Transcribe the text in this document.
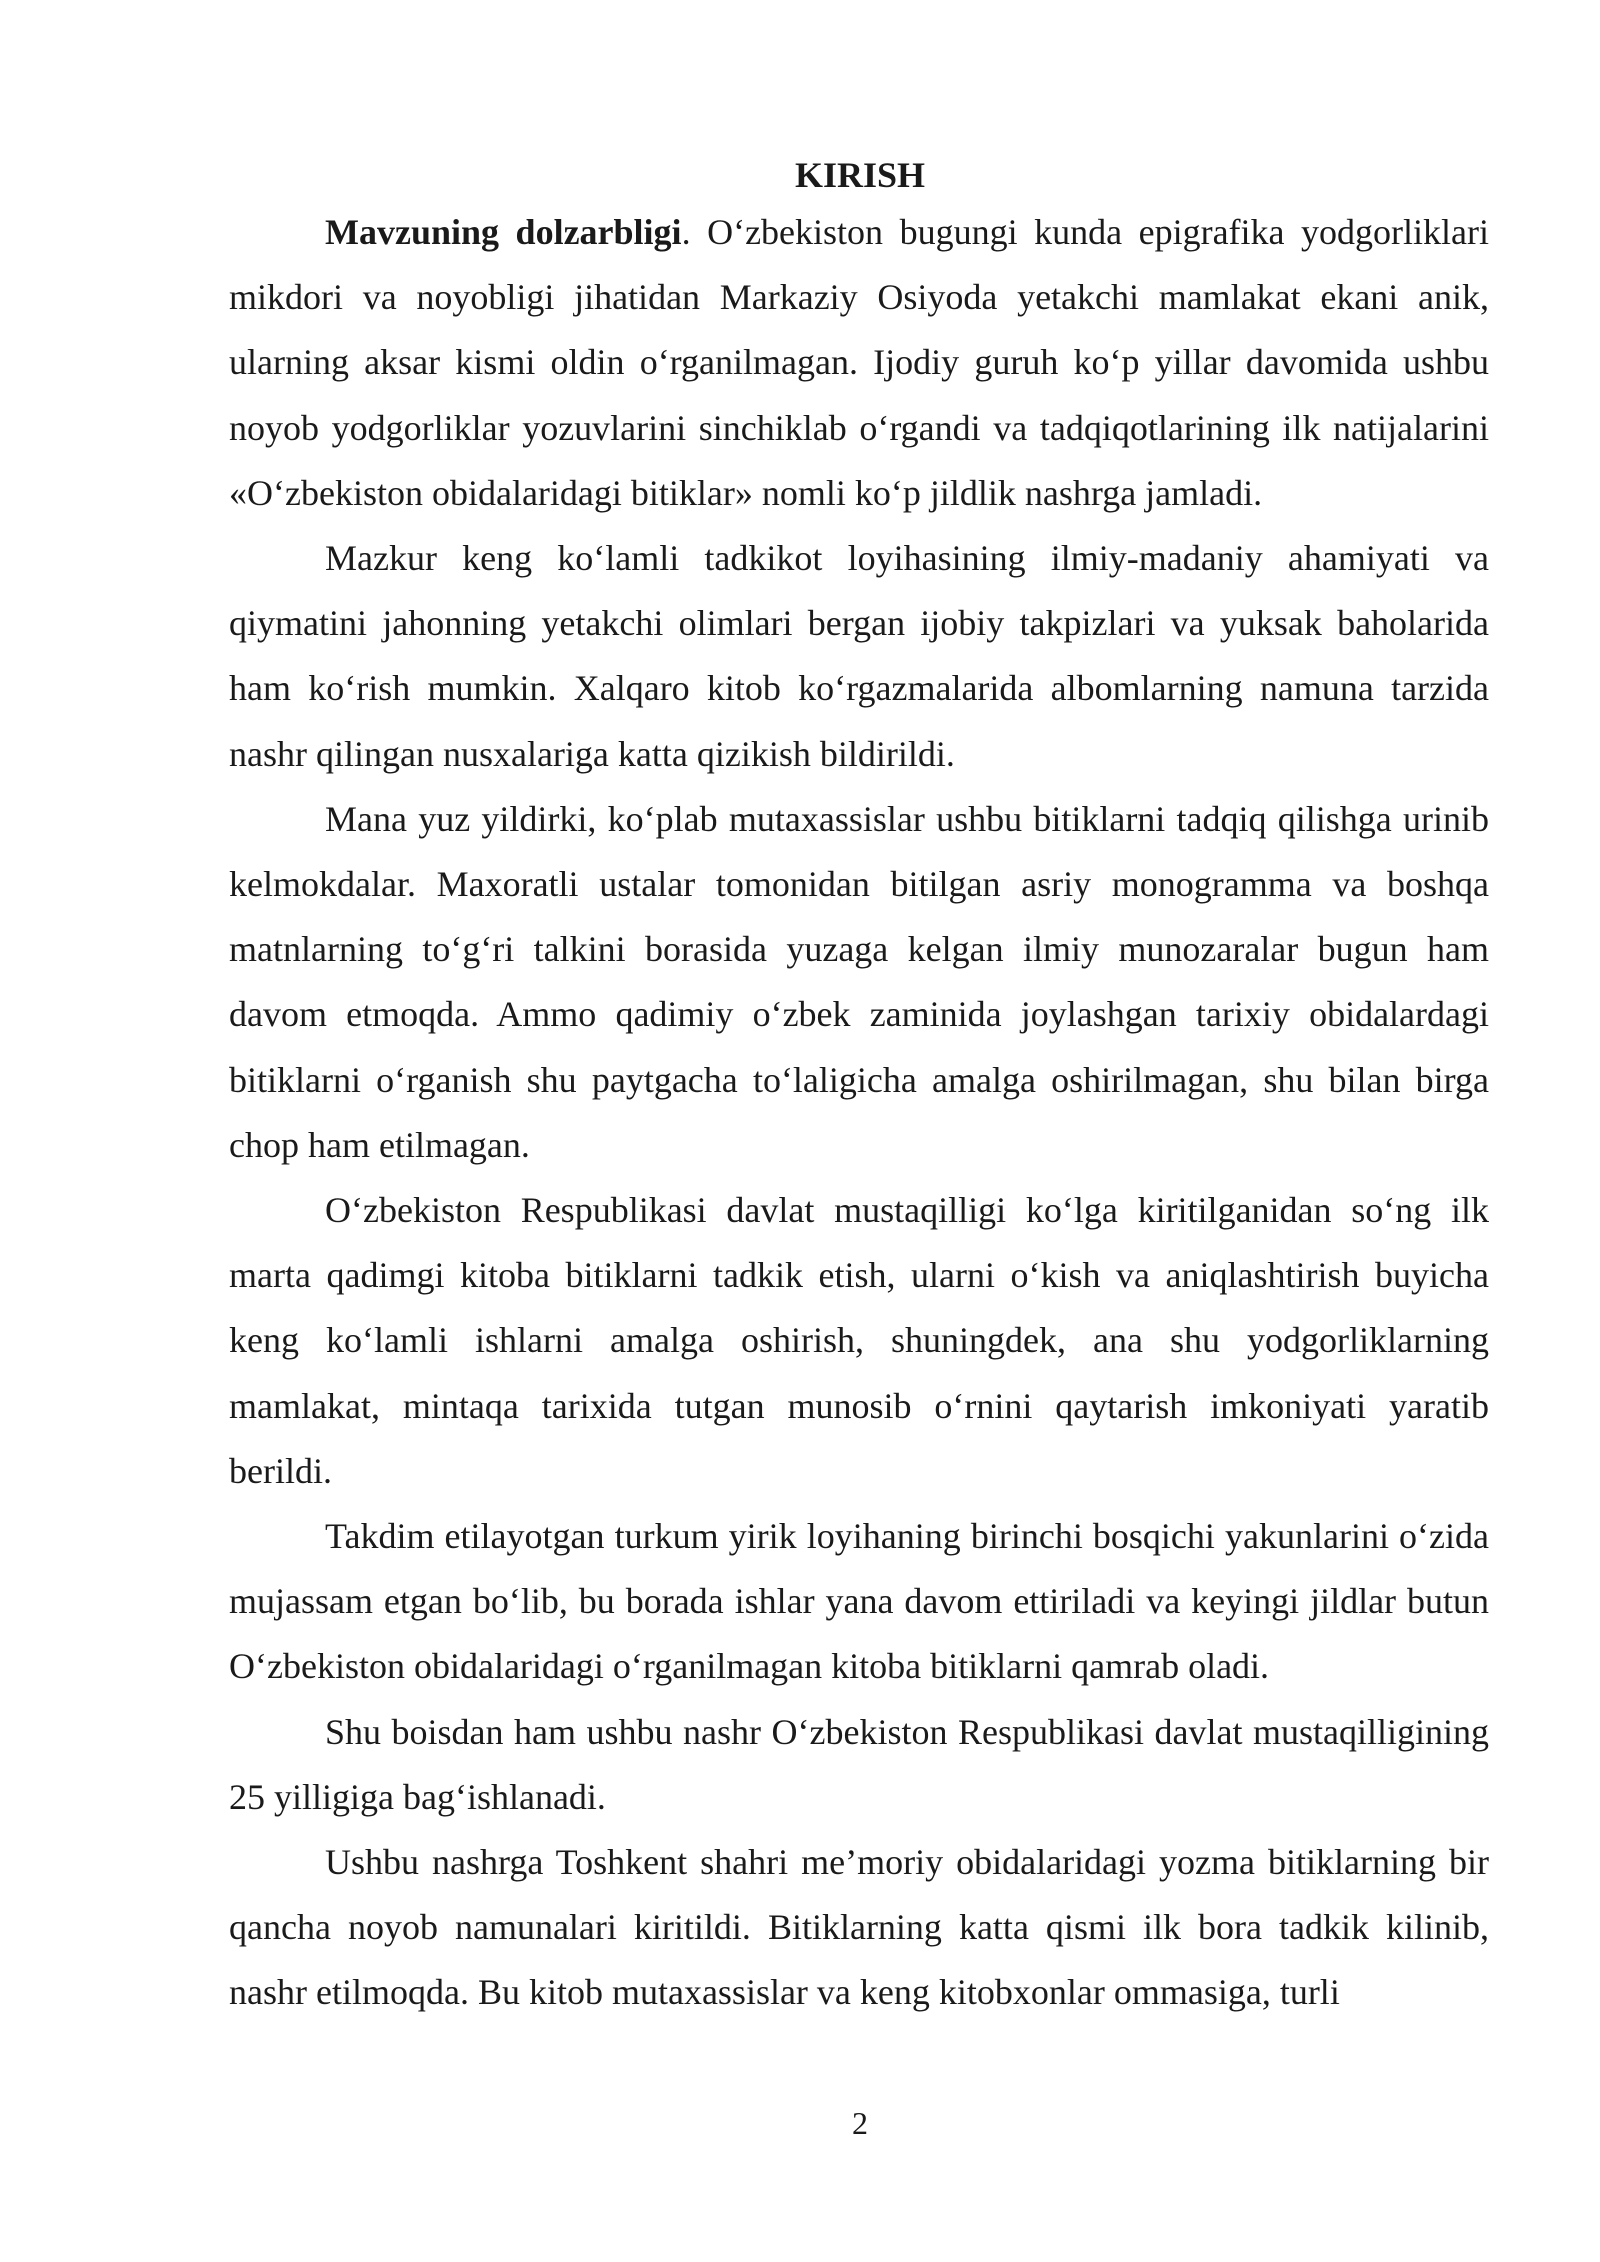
KIRISH

Mavzuning dolzarbligi. O‘zbekiston bugungi kunda epigrafika yodgorliklari mikdori va noyobligi jihatidan Markaziy Osiyoda yetakchi mamlakat ekani anik, ularning aksar kismi oldin o‘rganilmagan. Ijodiy guruh ko‘p yillar davomida ushbu noyob yodgorliklar yozuvlarini sinchiklab o‘rgandi va tadqiqotlarining ilk natijalarini «O‘zbekiston obidalaridagi bitiklar» nomli ko‘p jildlik nashrga jamladi.

Mazkur keng ko‘lamli tadkikot loyihasining ilmiy-madaniy ahamiyati va qiymatini jahonning yetakchi olimlari bergan ijobiy takpizlari va yuksak baholarida ham ko‘rish mumkin. Xalqaro kitob ko‘rgazmalarida albomlarning namuna tarzida nashr qilingan nusxalariga katta qizikish bildirildi.

Mana yuz yildirki, ko‘plab mutaxassislar ushbu bitiklarni tadqiq qilishga urinib kelmokdalar. Maxoratli ustalar tomonidan bitilgan asriy monogramma va boshqa matnlarning to‘g‘ri talkini borasida yuzaga kelgan ilmiy munozaralar bugun ham davom etmoqda. Ammo qadimiy o‘zbek zaminida joylashgan tarixiy obidalardagi bitiklarni o‘rganish shu paytgacha to‘laligicha amalga oshirilmagan, shu bilan birga chop ham etilmagan.

O‘zbekiston Respublikasi davlat mustaqilligi ko‘lga kiritilganidan so‘ng ilk marta qadimgi kitoba bitiklarni tadkik etish, ularni o‘kish va aniqlashtirish buyicha keng ko‘lamli ishlarni amalga oshirish, shuningdek, ana shu yodgorliklarning mamlakat, mintaqa tarixida tutgan munosib o‘rnini qaytarish imkoniyati yaratib berildi.

Takdim etilayotgan turkum yirik loyihaning birinchi bosqichi yakunlarini o‘zida mujassam etgan bo‘lib, bu borada ishlar yana davom ettiriladi va keyingi jildlar butun O‘zbekiston obidalaridagi o‘rganilmagan kitoba bitiklarni qamrab oladi.

Shu boisdan ham ushbu nashr O‘zbekiston Respublikasi davlat mustaqilligining 25 yilligiga bag‘ishlanadi.

Ushbu nashrga Toshkent shahri me’moriy obidalaridagi yozma bitiklarning bir qancha noyob namunalari kiritildi. Bitiklarning katta qismi ilk bora tadkik kilinib, nashr etilmoqda. Bu kitob mutaxassislar va keng kitobxonlar ommasiga, turli

2
